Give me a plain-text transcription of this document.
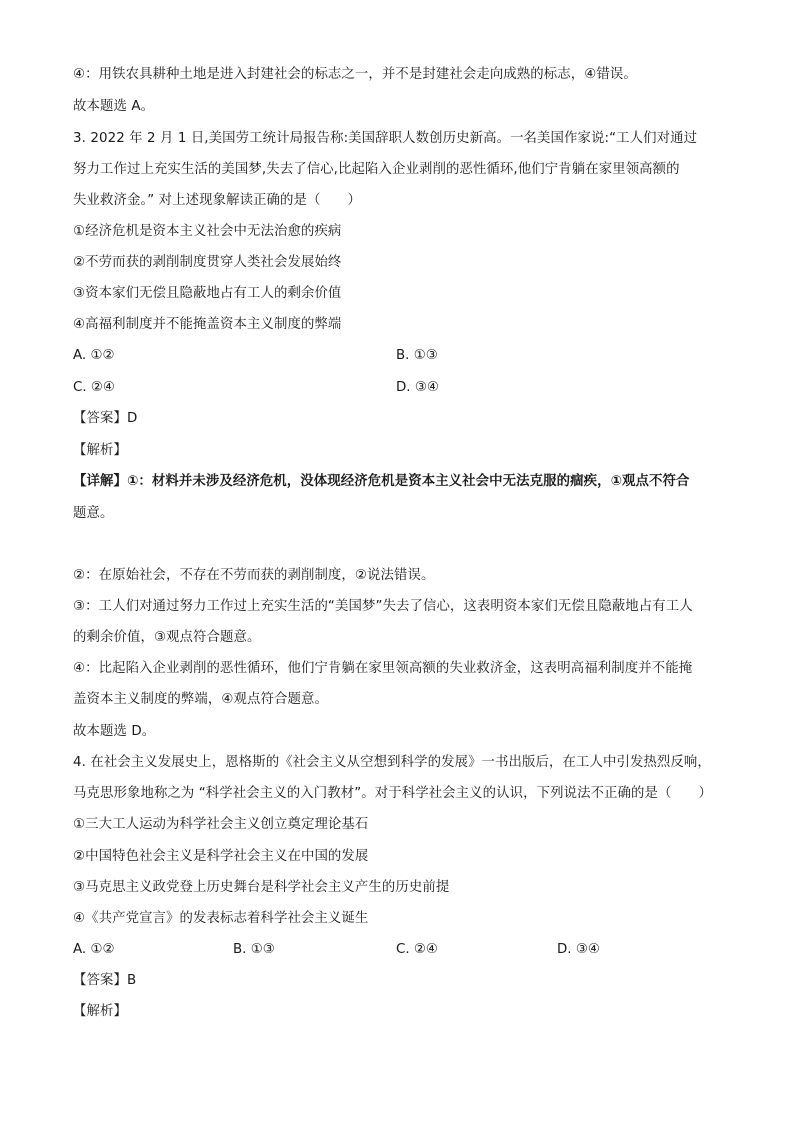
④：用铁农具耕种土地是进入封建社会的标志之一，并不是封建社会走向成熟的标志，④错误。
故本题选 A。
3. 2022 年 2 月 1 日,美国劳工统计局报告称:美国辞职人数创历史新高。一名美国作家说:“工人们对通过
努力工作过上充实生活的美国梦,失去了信心,比起陷入企业剥削的恶性循环,他们宁肯躺在家里领高额的
失业救济金。” 对上述现象解读正确的是（　　）
①经济危机是资本主义社会中无法治愈的疾病
②不劳而获的剥削制度贯穿人类社会发展始终
③资本家们无偿且隐蔽地占有工人的剩余价值
④高福利制度并不能掩盖资本主义制度的弊端
A. ①②	B. ①③
C. ②④	D. ③④
【答案】D
【解析】
【详解】①：材料并未涉及经济危机，没体现经济危机是资本主义社会中无法克服的痼疾，①观点不符合
题意。
②：在原始社会，不存在不劳而获的剥削制度，②说法错误。
③：工人们对通过努力工作过上充实生活的“美国梦”失去了信心，这表明资本家们无偿且隐蔽地占有工人
的剩余价值，③观点符合题意。
④：比起陷入企业剥削的恶性循环，他们宁肯躺在家里领高额的失业救济金，这表明高福利制度并不能掩
盖资本主义制度的弊端，④观点符合题意。
故本题选 D。
4. 在社会主义发展史上，恩格斯的《社会主义从空想到科学的发展》一书出版后，在工人中引发热烈反响，
马克思形象地称之为 “科学社会主义的入门教材”。对于科学社会主义的认识，下列说法不正确的是（　　）
①三大工人运动为科学社会主义创立奠定理论基石
②中国特色社会主义是科学社会主义在中国的发展
③马克思主义政党登上历史舞台是科学社会主义产生的历史前提
④《共产党宣言》的发表标志着科学社会主义诞生
A. ①②	B. ①③	C. ②④	D. ③④
【答案】B
【解析】
